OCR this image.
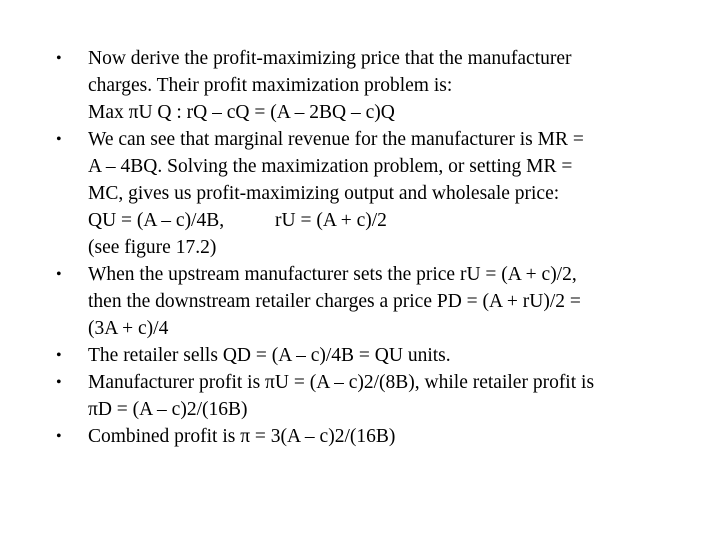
•	Now derive the profit-maximizing price that the manufacturer
charges. Their profit maximization problem is:
Max πU Q : rQ – cQ = (A – 2BQ – c)Q
•	We can see that marginal revenue for the manufacturer is MR =
A – 4BQ. Solving the maximization problem, or setting MR =
MC, gives us profit-maximizing output and wholesale price:
QU = (A – c)/4B,	rU = (A + c)/2
(see figure 17.2)
•	When the upstream manufacturer sets the price rU = (A + c)/2,
then the downstream retailer charges a price PD = (A + rU)/2 =
(3A + c)/4
•	The retailer sells QD = (A – c)/4B = QU units.
•	Manufacturer profit is πU = (A – c)2/(8B), while retailer profit is
πD = (A – c)2/(16B)
•	Combined profit is π = 3(A – c)2/(16B)
